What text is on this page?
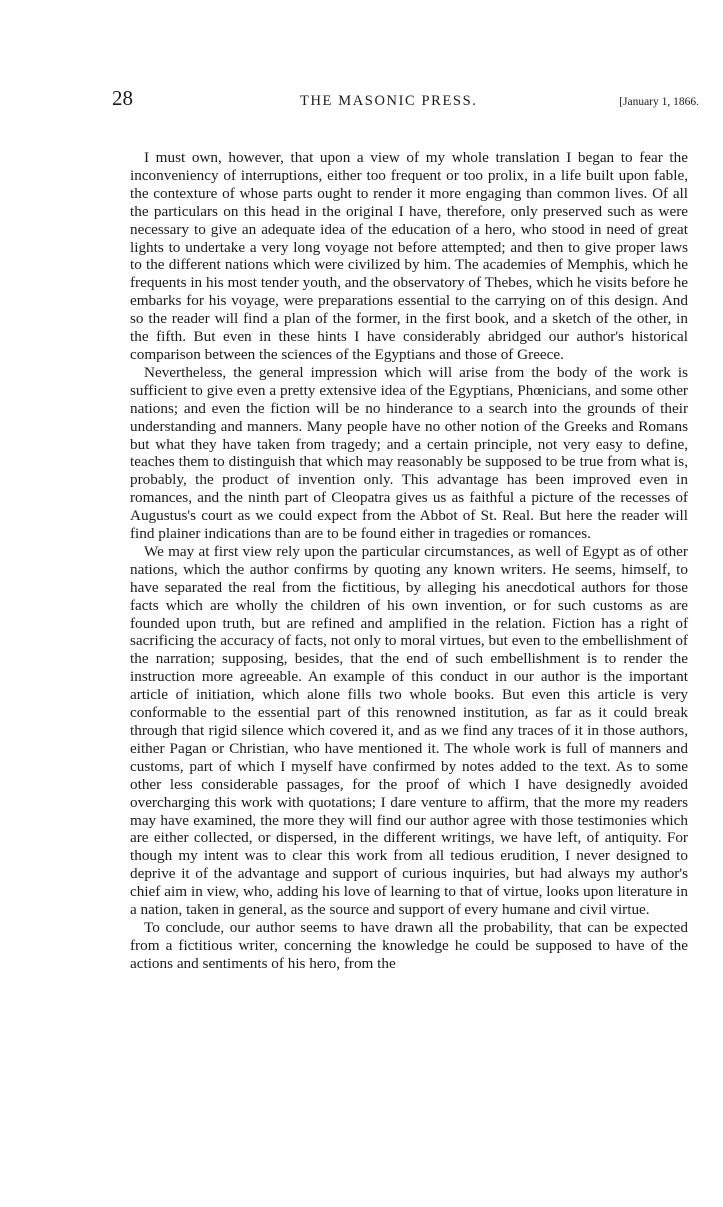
28	THE MASONIC PRESS.	[January 1, 1866.

I must own, however, that upon a view of my whole translation I began to fear the inconveniency of interruptions, either too frequent or too prolix, in a life built upon fable, the contexture of whose parts ought to render it more engaging than common lives. Of all the particulars on this head in the original I have, therefore, only preserved such as were necessary to give an adequate idea of the education of a hero, who stood in need of great lights to undertake a very long voyage not before attempted; and then to give proper laws to the different nations which were civilized by him. The academies of Memphis, which he frequents in his most tender youth, and the observatory of Thebes, which he visits before he embarks for his voyage, were preparations essential to the carrying on of this design. And so the reader will find a plan of the former, in the first book, and a sketch of the other, in the fifth. But even in these hints I have considerably abridged our author's historical comparison between the sciences of the Egyptians and those of Greece.

Nevertheless, the general impression which will arise from the body of the work is sufficient to give even a pretty extensive idea of the Egyptians, Phœnicians, and some other nations; and even the fiction will be no hinderance to a search into the grounds of their understanding and manners. Many people have no other notion of the Greeks and Romans but what they have taken from tragedy; and a certain principle, not very easy to define, teaches them to distinguish that which may reasonably be supposed to be true from what is, probably, the product of invention only. This advantage has been improved even in romances, and the ninth part of Cleopatra gives us as faithful a picture of the recesses of Augustus's court as we could expect from the Abbot of St. Real. But here the reader will find plainer indications than are to be found either in tragedies or romances.

We may at first view rely upon the particular circumstances, as well of Egypt as of other nations, which the author confirms by quoting any known writers. He seems, himself, to have separated the real from the fictitious, by alleging his anecdotical authors for those facts which are wholly the children of his own invention, or for such customs as are founded upon truth, but are refined and amplified in the relation. Fiction has a right of sacrificing the accuracy of facts, not only to moral virtues, but even to the embellishment of the narration; supposing, besides, that the end of such embellishment is to render the instruction more agreeable. An example of this conduct in our author is the important article of initiation, which alone fills two whole books. But even this article is very conformable to the essential part of this renowned institution, as far as it could break through that rigid silence which covered it, and as we find any traces of it in those authors, either Pagan or Christian, who have mentioned it. The whole work is full of manners and customs, part of which I myself have confirmed by notes added to the text. As to some other less considerable passages, for the proof of which I have designedly avoided overcharging this work with quotations; I dare venture to affirm, that the more my readers may have examined, the more they will find our author agree with those testimonies which are either collected, or dispersed, in the different writings, we have left, of antiquity. For though my intent was to clear this work from all tedious erudition, I never designed to deprive it of the advantage and support of curious inquiries, but had always my author's chief aim in view, who, adding his love of learning to that of virtue, looks upon literature in a nation, taken in general, as the source and support of every humane and civil virtue.

To conclude, our author seems to have drawn all the probability, that can be expected from a fictitious writer, concerning the knowledge he could be supposed to have of the actions and sentiments of his hero, from the
